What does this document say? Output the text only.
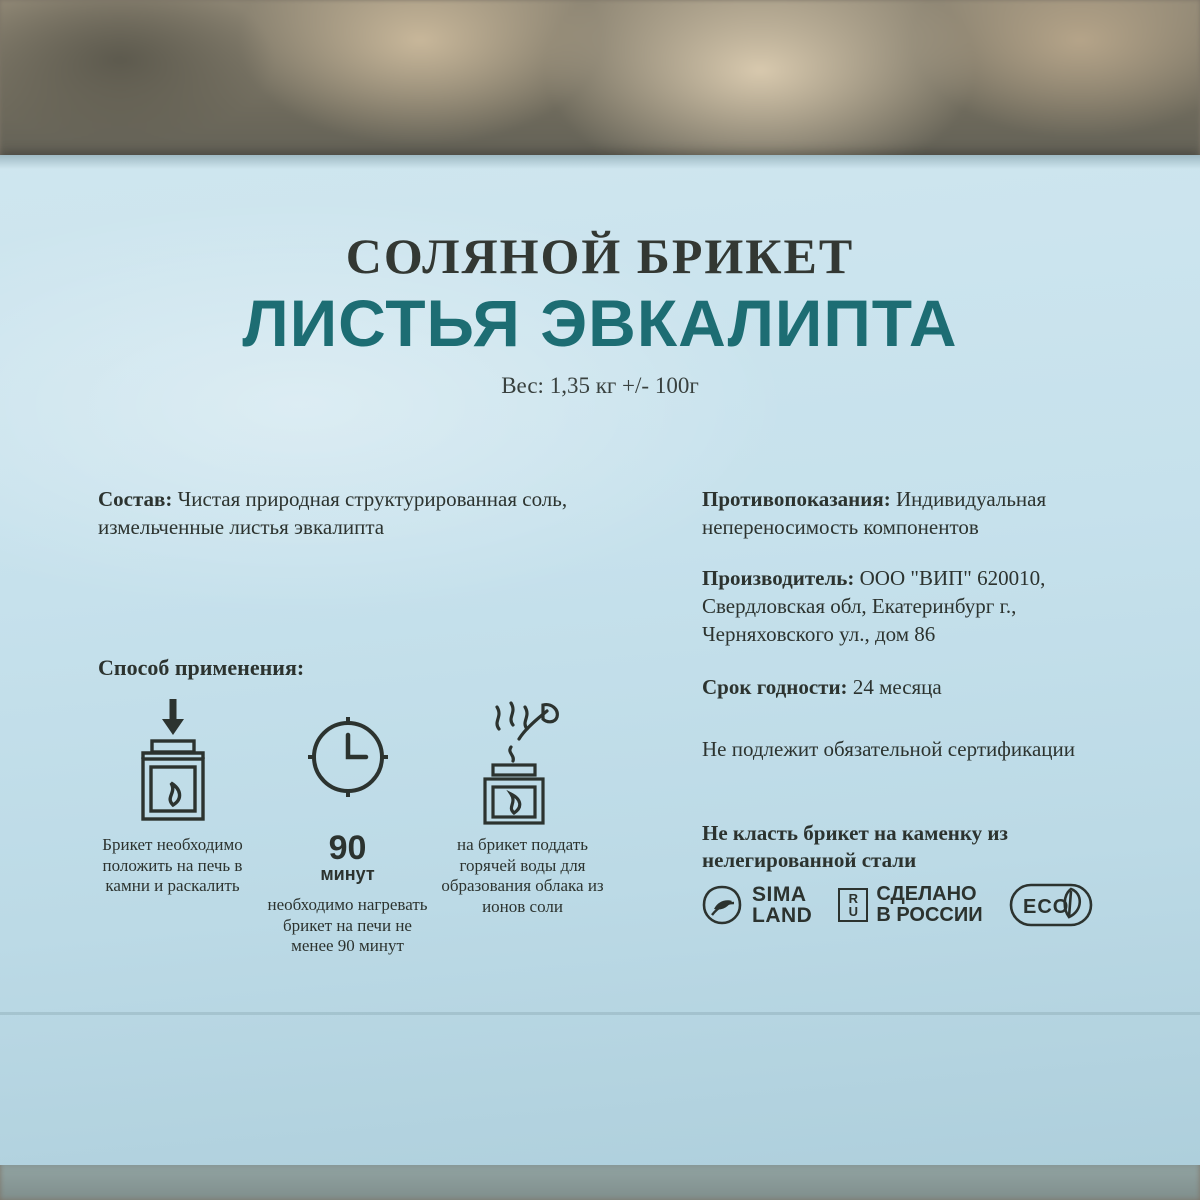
СОЛЯНОЙ БРИКЕТ
ЛИСТЬЯ ЭВКАЛИПТА
Вес: 1,35 кг +/- 100г
Состав: Чистая природная структурированная соль, измельченные листья эвкалипта
Способ применения:
Брикет необходимо положить на печь в камни и раскалить
90
минут
необходимо нагревать брикет на печи не менее 90 минут
на брикет поддать горячей воды для образования облака из ионов соли
Противопоказания: Индивидуальная непереносимость компонентов
Производитель: ООО "ВИП" 620010, Свердловская обл, Екатеринбург г., Черняховского ул., дом 86
Срок годности: 24 месяца
Не подлежит обязательной сертификации
Не класть брикет на каменку из нелегированной стали
SIMA
LAND
R
U
СДЕЛАНО
В РОССИИ ECO
